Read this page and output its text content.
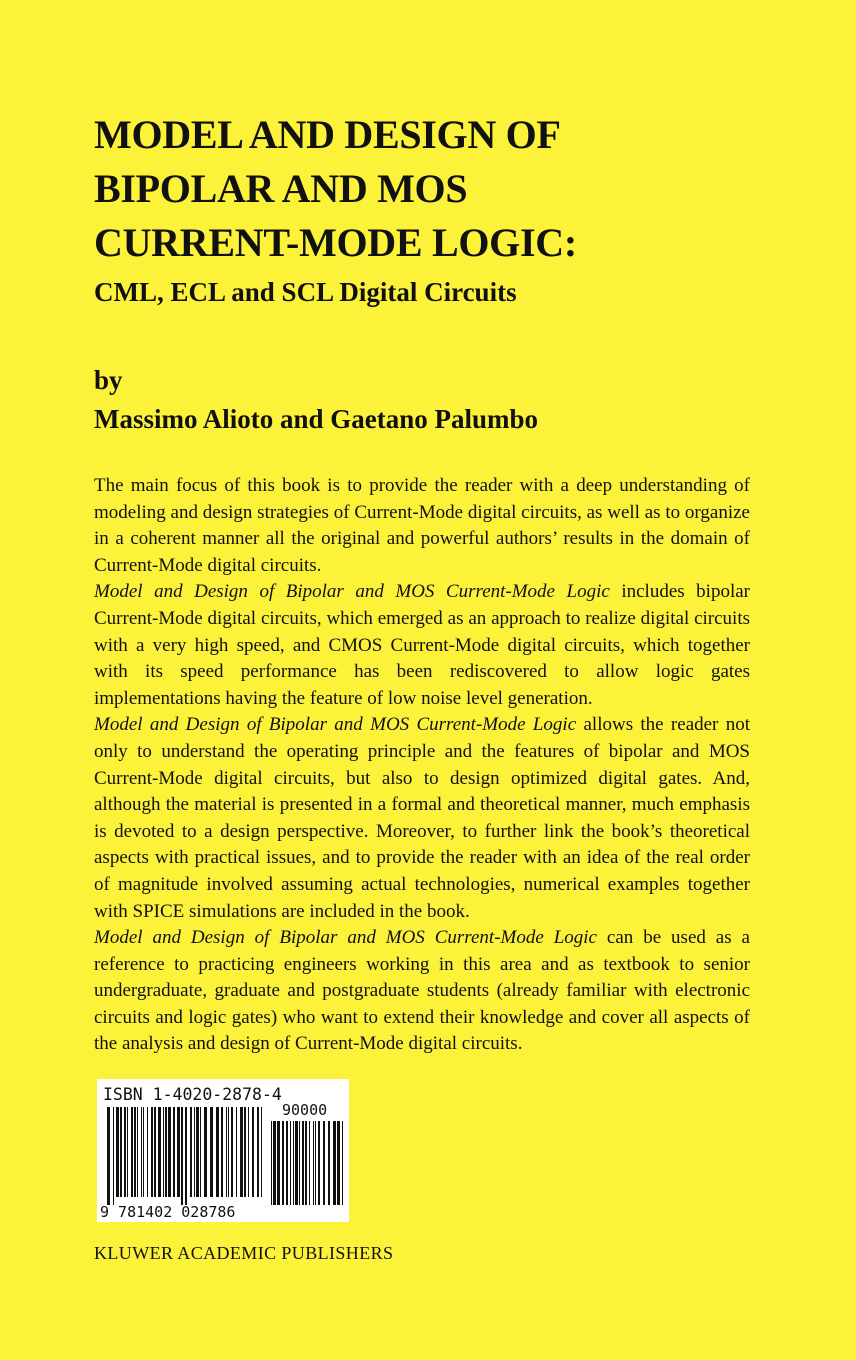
MODEL AND DESIGN OF
BIPOLAR AND MOS
CURRENT-MODE LOGIC:
CML, ECL and SCL Digital Circuits
by
Massimo Alioto and Gaetano Palumbo

The main focus of this book is to provide the reader with a deep understanding of modeling and design strategies of Current-Mode digital circuits, as well as to organize in a coherent manner all the original and powerful authors’ results in the domain of Current-Mode digital circuits.

Model and Design of Bipolar and MOS Current-Mode Logic includes bipolar Current-Mode digital circuits, which emerged as an approach to realize digital circuits with a very high speed, and CMOS Current-Mode digital circuits, which together with its speed performance has been rediscovered to allow logic gates implementations having the feature of low noise level generation.

Model and Design of Bipolar and MOS Current-Mode Logic allows the reader not only to understand the operating principle and the features of bipolar and MOS Current-Mode digital circuits, but also to design optimized digital gates. And, although the material is presented in a formal and theoretical manner, much emphasis is devoted to a design perspective. Moreover, to further link the book’s theoretical aspects with practical issues, and to provide the reader with an idea of the real order of magnitude involved assuming actual technologies, numerical examples together with SPICE simulations are included in the book.

Model and Design of Bipolar and MOS Current-Mode Logic can be used as a reference to practicing engineers working in this area and as textbook to senior undergraduate, graduate and postgraduate students (already familiar with electronic circuits and logic gates) who want to extend their knowledge and cover all aspects of the analysis and design of Current-Mode digital circuits.

ISBN 1-4020-2878-4
90000
9 781402 028786
KLUWER ACADEMIC PUBLISHERS
